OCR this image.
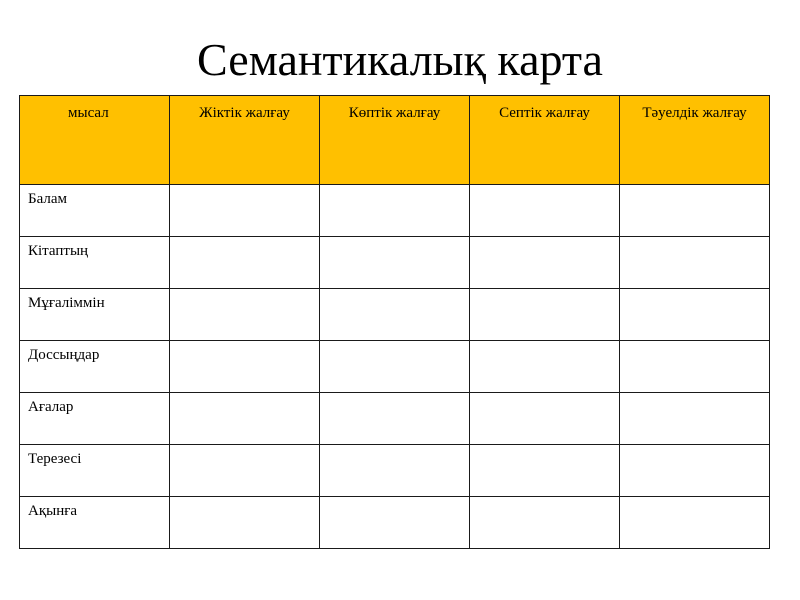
Семантикалық карта
мысал	Жіктік жалғау	Көптік жалғау	Септік жалғау	Тәуелдік жалғау
Балам				
Кітаптың				
Мұғаліммін				
Доссыңдар				
Ағалар				
Терезесі				
Ақынға				
